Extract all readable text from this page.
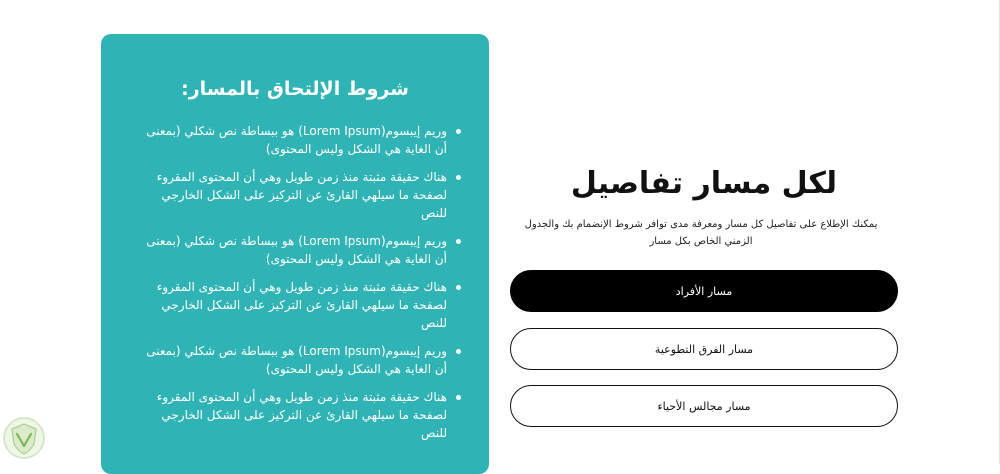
شروط الإلتحاق بالمسار:
وريم إيبسوم(Lorem Ipsum) هو ببساطة نص شكلي (بمعنى أن الغاية هي الشكل وليس المحتوى)
هناك حقيقة مثبتة منذ زمن طويل وهي أن المحتوى المقروء لصفحة ما سيلهي القارئ عن التركيز على الشكل الخارجي للنص
وريم إيبسوم(Lorem Ipsum) هو ببساطة نص شكلي (بمعنى أن الغاية هي الشكل وليس المحتوى)
هناك حقيقة مثبتة منذ زمن طويل وهي أن المحتوى المقروء لصفحة ما سيلهي القارئ عن التركيز على الشكل الخارجي للنص
وريم إيبسوم(Lorem Ipsum) هو ببساطة نص شكلي (بمعنى أن الغاية هي الشكل وليس المحتوى)
هناك حقيقة مثبتة منذ زمن طويل وهي أن المحتوى المقروء لصفحة ما سيلهي القارئ عن التركيز على الشكل الخارجي للنص
لكل مسار تفاصيل

يمكنك الإطلاع على تفاصيل كل مسار ومعرفة مدى توافر شروط الإنضمام بك والجدول الزمني الخاص بكل مسار

مسار الأفراد
مسار الفرق التطوعية
مسار مجالس الأحياء
